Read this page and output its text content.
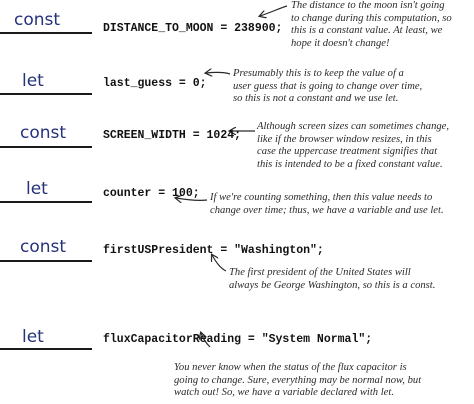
const	DISTANCE_TO_MOON = 238900;
The distance to the moon isn't going
to change during this computation, so
this is a constant value. At least, we
hope it doesn't change!
let	last_guess = 0;
Presumably this is to keep the value of a
user guess that is going to change over time,
so this is not a constant and we use let.
const	SCREEN_WIDTH = 1024;
Although screen sizes can sometimes change,
like if the browser window resizes, in this
case the uppercase treatment signifies that
this is intended to be a fixed constant value.
let	counter = 100; If we're counting something, then this value needs to
change over time; thus, we have a variable and use let.
const	firstUSPresident = "Washington";
The first president of the United States will
always be George Washington, so this is a const.
let	fluxCapacitorReading = "System Normal";
You never know when the status of the flux capacitor is
going to change. Sure, everything may be normal now, but
watch out! So, we have a variable declared with let.
